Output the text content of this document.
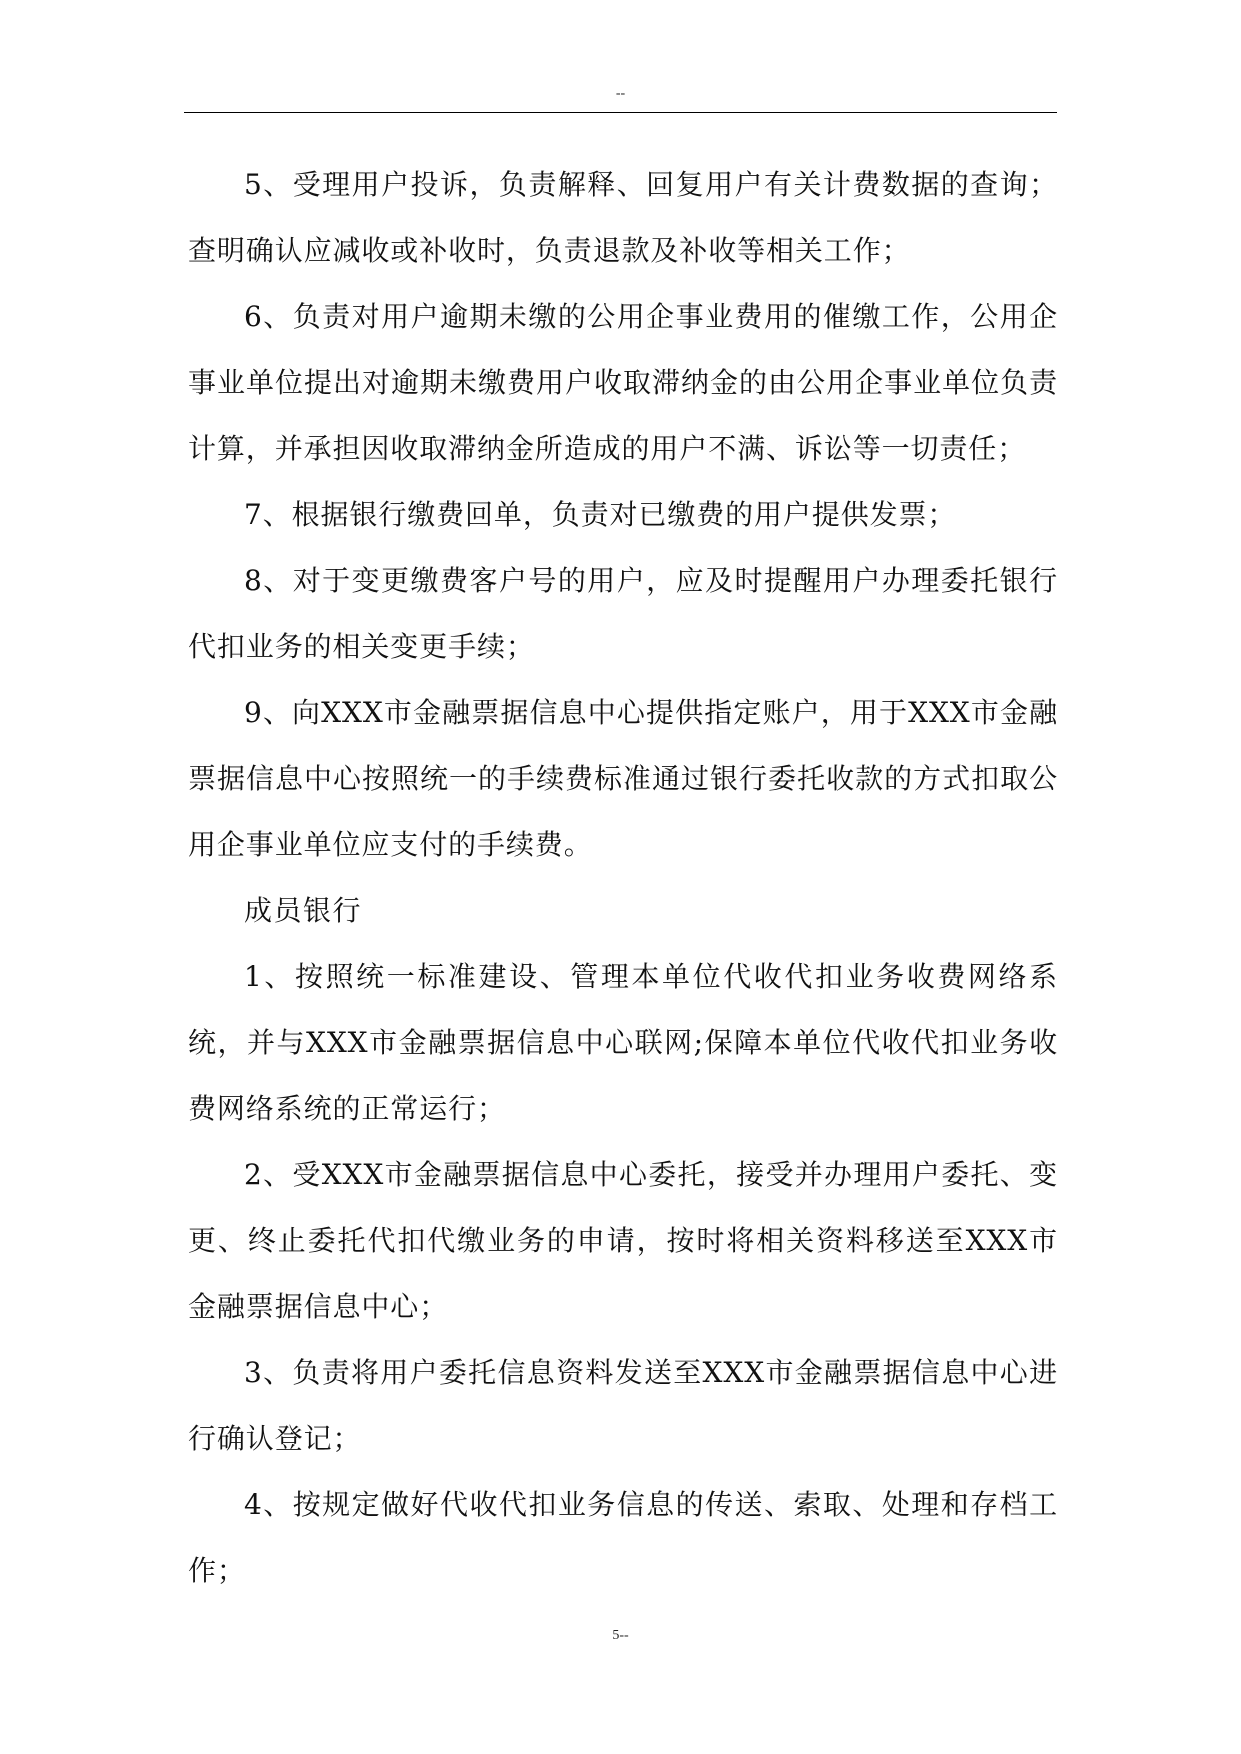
--

5、受理用户投诉，负责解释、回复用户有关计费数据的查询；查明确认应减收或补收时，负责退款及补收等相关工作；

6、负责对用户逾期未缴的公用企事业费用的催缴工作，公用企事业单位提出对逾期未缴费用户收取滞纳金的由公用企事业单位负责计算，并承担因收取滞纳金所造成的用户不满、诉讼等一切责任；

7、根据银行缴费回单，负责对已缴费的用户提供发票；

8、对于变更缴费客户号的用户，应及时提醒用户办理委托银行代扣业务的相关变更手续；

9、向XXX市金融票据信息中心提供指定账户，用于XXX市金融票据信息中心按照统一的手续费标准通过银行委托收款的方式扣取公用企事业单位应支付的手续费。

成员银行

1、按照统一标准建设、管理本单位代收代扣业务收费网络系统，并与XXX市金融票据信息中心联网;保障本单位代收代扣业务收费网络系统的正常运行；

2、受XXX市金融票据信息中心委托，接受并办理用户委托、变更、终止委托代扣代缴业务的申请，按时将相关资料移送至XXX市金融票据信息中心；

3、负责将用户委托信息资料发送至XXX市金融票据信息中心进行确认登记；

4、按规定做好代收代扣业务信息的传送、索取、处理和存档工作；

5--
